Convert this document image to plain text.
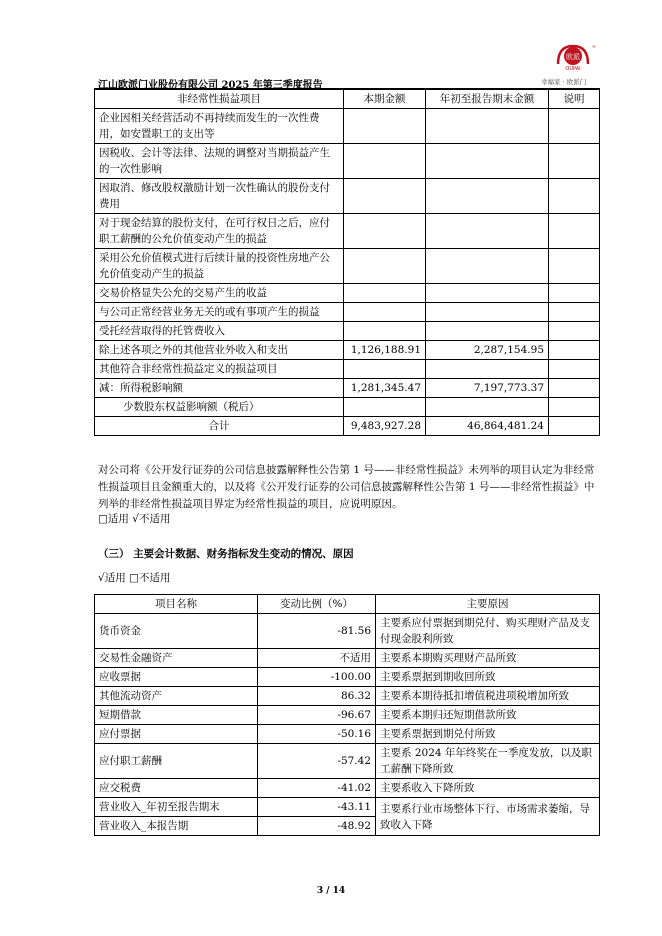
欧派
OUPAI
®
幸福家 · 欧派门
江山欧派门业股份有限公司 2025 年第三季度报告
非经常性损益项目	本期金额	年初至报告期末金额	说明
企业因相关经营活动不再持续而发生的一次性费用，如安置职工的支出等			
因税收、会计等法律、法规的调整对当期损益产生的一次性影响			
因取消、修改股权激励计划一次性确认的股份支付费用			
对于现金结算的股份支付，在可行权日之后，应付职工薪酬的公允价值变动产生的损益			
采用公允价值模式进行后续计量的投资性房地产公允价值变动产生的损益			
交易价格显失公允的交易产生的收益			
与公司正常经营业务无关的或有事项产生的损益			
受托经营取得的托管费收入			
除上述各项之外的其他营业外收入和支出	1,126,188.91	2,287,154.95	
其他符合非经常性损益定义的损益项目			
减：所得税影响额	1,281,345.47	7,197,773.37	
少数股东权益影响额（税后）			
合计	9,483,927.28	46,864,481.24	
对公司将《公开发行证券的公司信息披露解释性公告第 1 号——非经常性损益》未列举的项目认定为非经常性损益项目且金额重大的，以及将《公开发行证券的公司信息披露解释性公告第 1 号——非经常性损益》中列举的非经常性损益项目界定为经常性损益的项目，应说明原因。
□适用 √不适用
（三） 主要会计数据、财务指标发生变动的情况、原因
√适用 □不适用
项目名称	变动比例（%）	主要原因
货币资金	-81.56	主要系应付票据到期兑付、购买理财产品及支付现金股利所致
交易性金融资产	不适用	主要系本期购买理财产品所致
应收票据	-100.00	主要系票据到期收回所致
其他流动资产	86.32	主要系本期待抵扣增值税进项税增加所致
短期借款	-96.67	主要系本期归还短期借款所致
应付票据	-50.16	主要系票据到期兑付所致
应付职工薪酬	-57.42	主要系 2024 年年终奖在一季度发放，以及职工薪酬下降所致
应交税费	-41.02	主要系收入下降所致
营业收入_年初至报告期末	-43.11	主要系行业市场整体下行、市场需求萎缩，导致收入下降
营业收入_本报告期	-48.92	
3 / 14
